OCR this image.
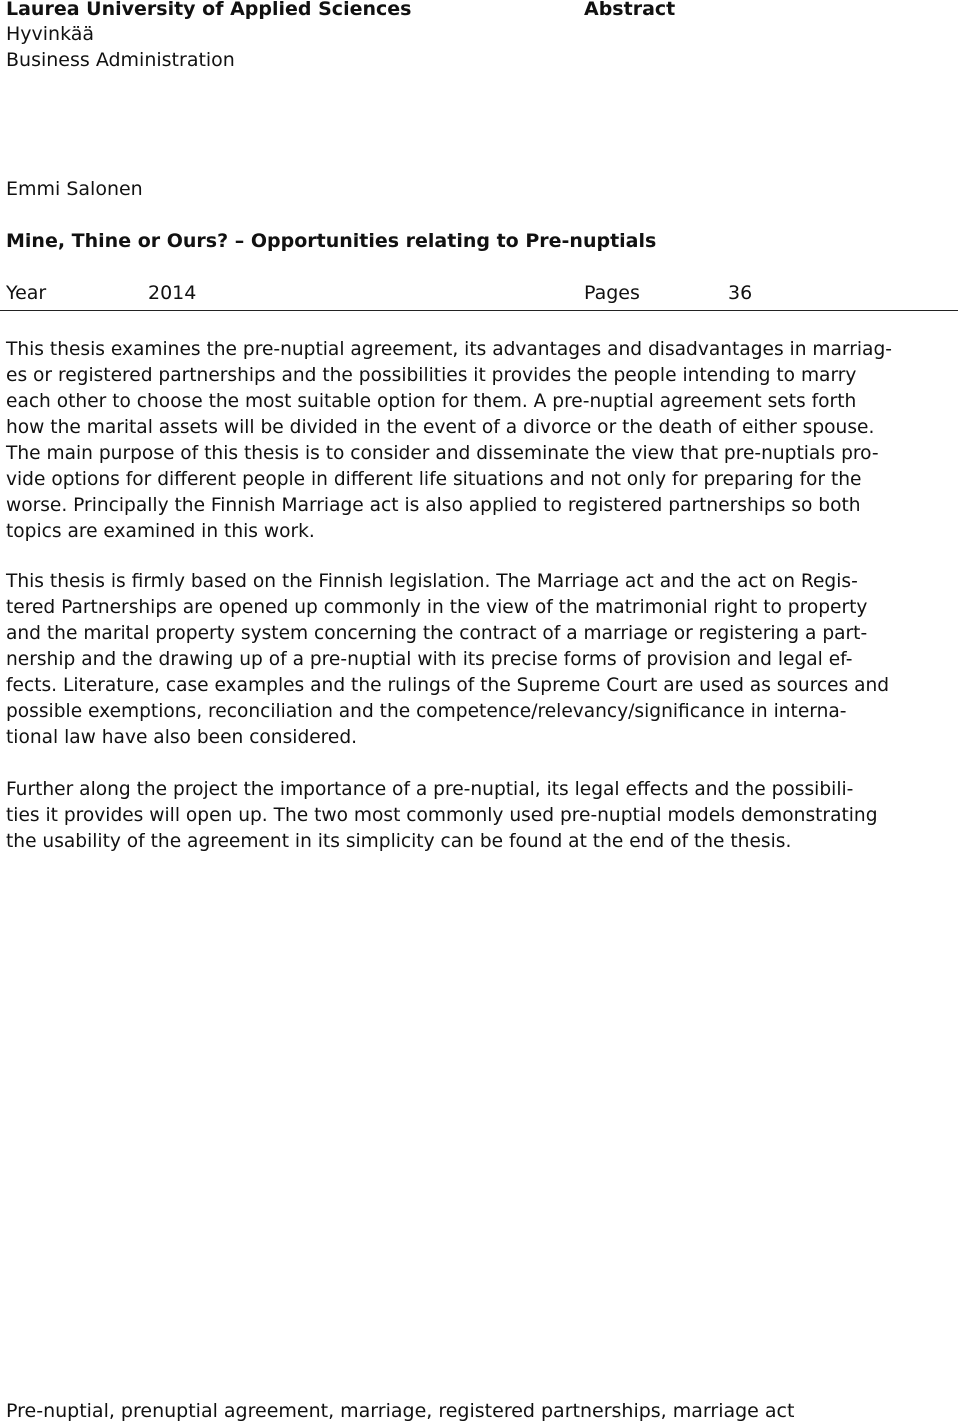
Laurea University of Applied Sciences	Abstract
Hyvinkää
Business Administration
Emmi Salonen
Mine, Thine or Ours? – Opportunities relating to Pre-nuptials
Year	2014	Pages	36
This thesis examines the pre-nuptial agreement, its advantages and disadvantages in marriag-
es or registered partnerships and the possibilities it provides the people intending to marry
each other to choose the most suitable option for them. A pre-nuptial agreement sets forth
how the marital assets will be divided in the event of a divorce or the death of either spouse.
The main purpose of this thesis is to consider and disseminate the view that pre-nuptials pro-
vide options for different people in different life situations and not only for preparing for the
worse. Principally the Finnish Marriage act is also applied to registered partnerships so both
topics are examined in this work.
This thesis is firmly based on the Finnish legislation. The Marriage act and the act on Regis-
tered Partnerships are opened up commonly in the view of the matrimonial right to property
and the marital property system concerning the contract of a marriage or registering a part-
nership and the drawing up of a pre-nuptial with its precise forms of provision and legal ef-
fects. Literature, case examples and the rulings of the Supreme Court are used as sources and
possible exemptions, reconciliation and the competence/relevancy/significance in interna-
tional law have also been considered.
Further along the project the importance of a pre-nuptial, its legal effects and the possibili-
ties it provides will open up. The two most commonly used pre-nuptial models demonstrating
the usability of the agreement in its simplicity can be found at the end of the thesis.
Pre-nuptial, prenuptial agreement, marriage, registered partnerships, marriage act
